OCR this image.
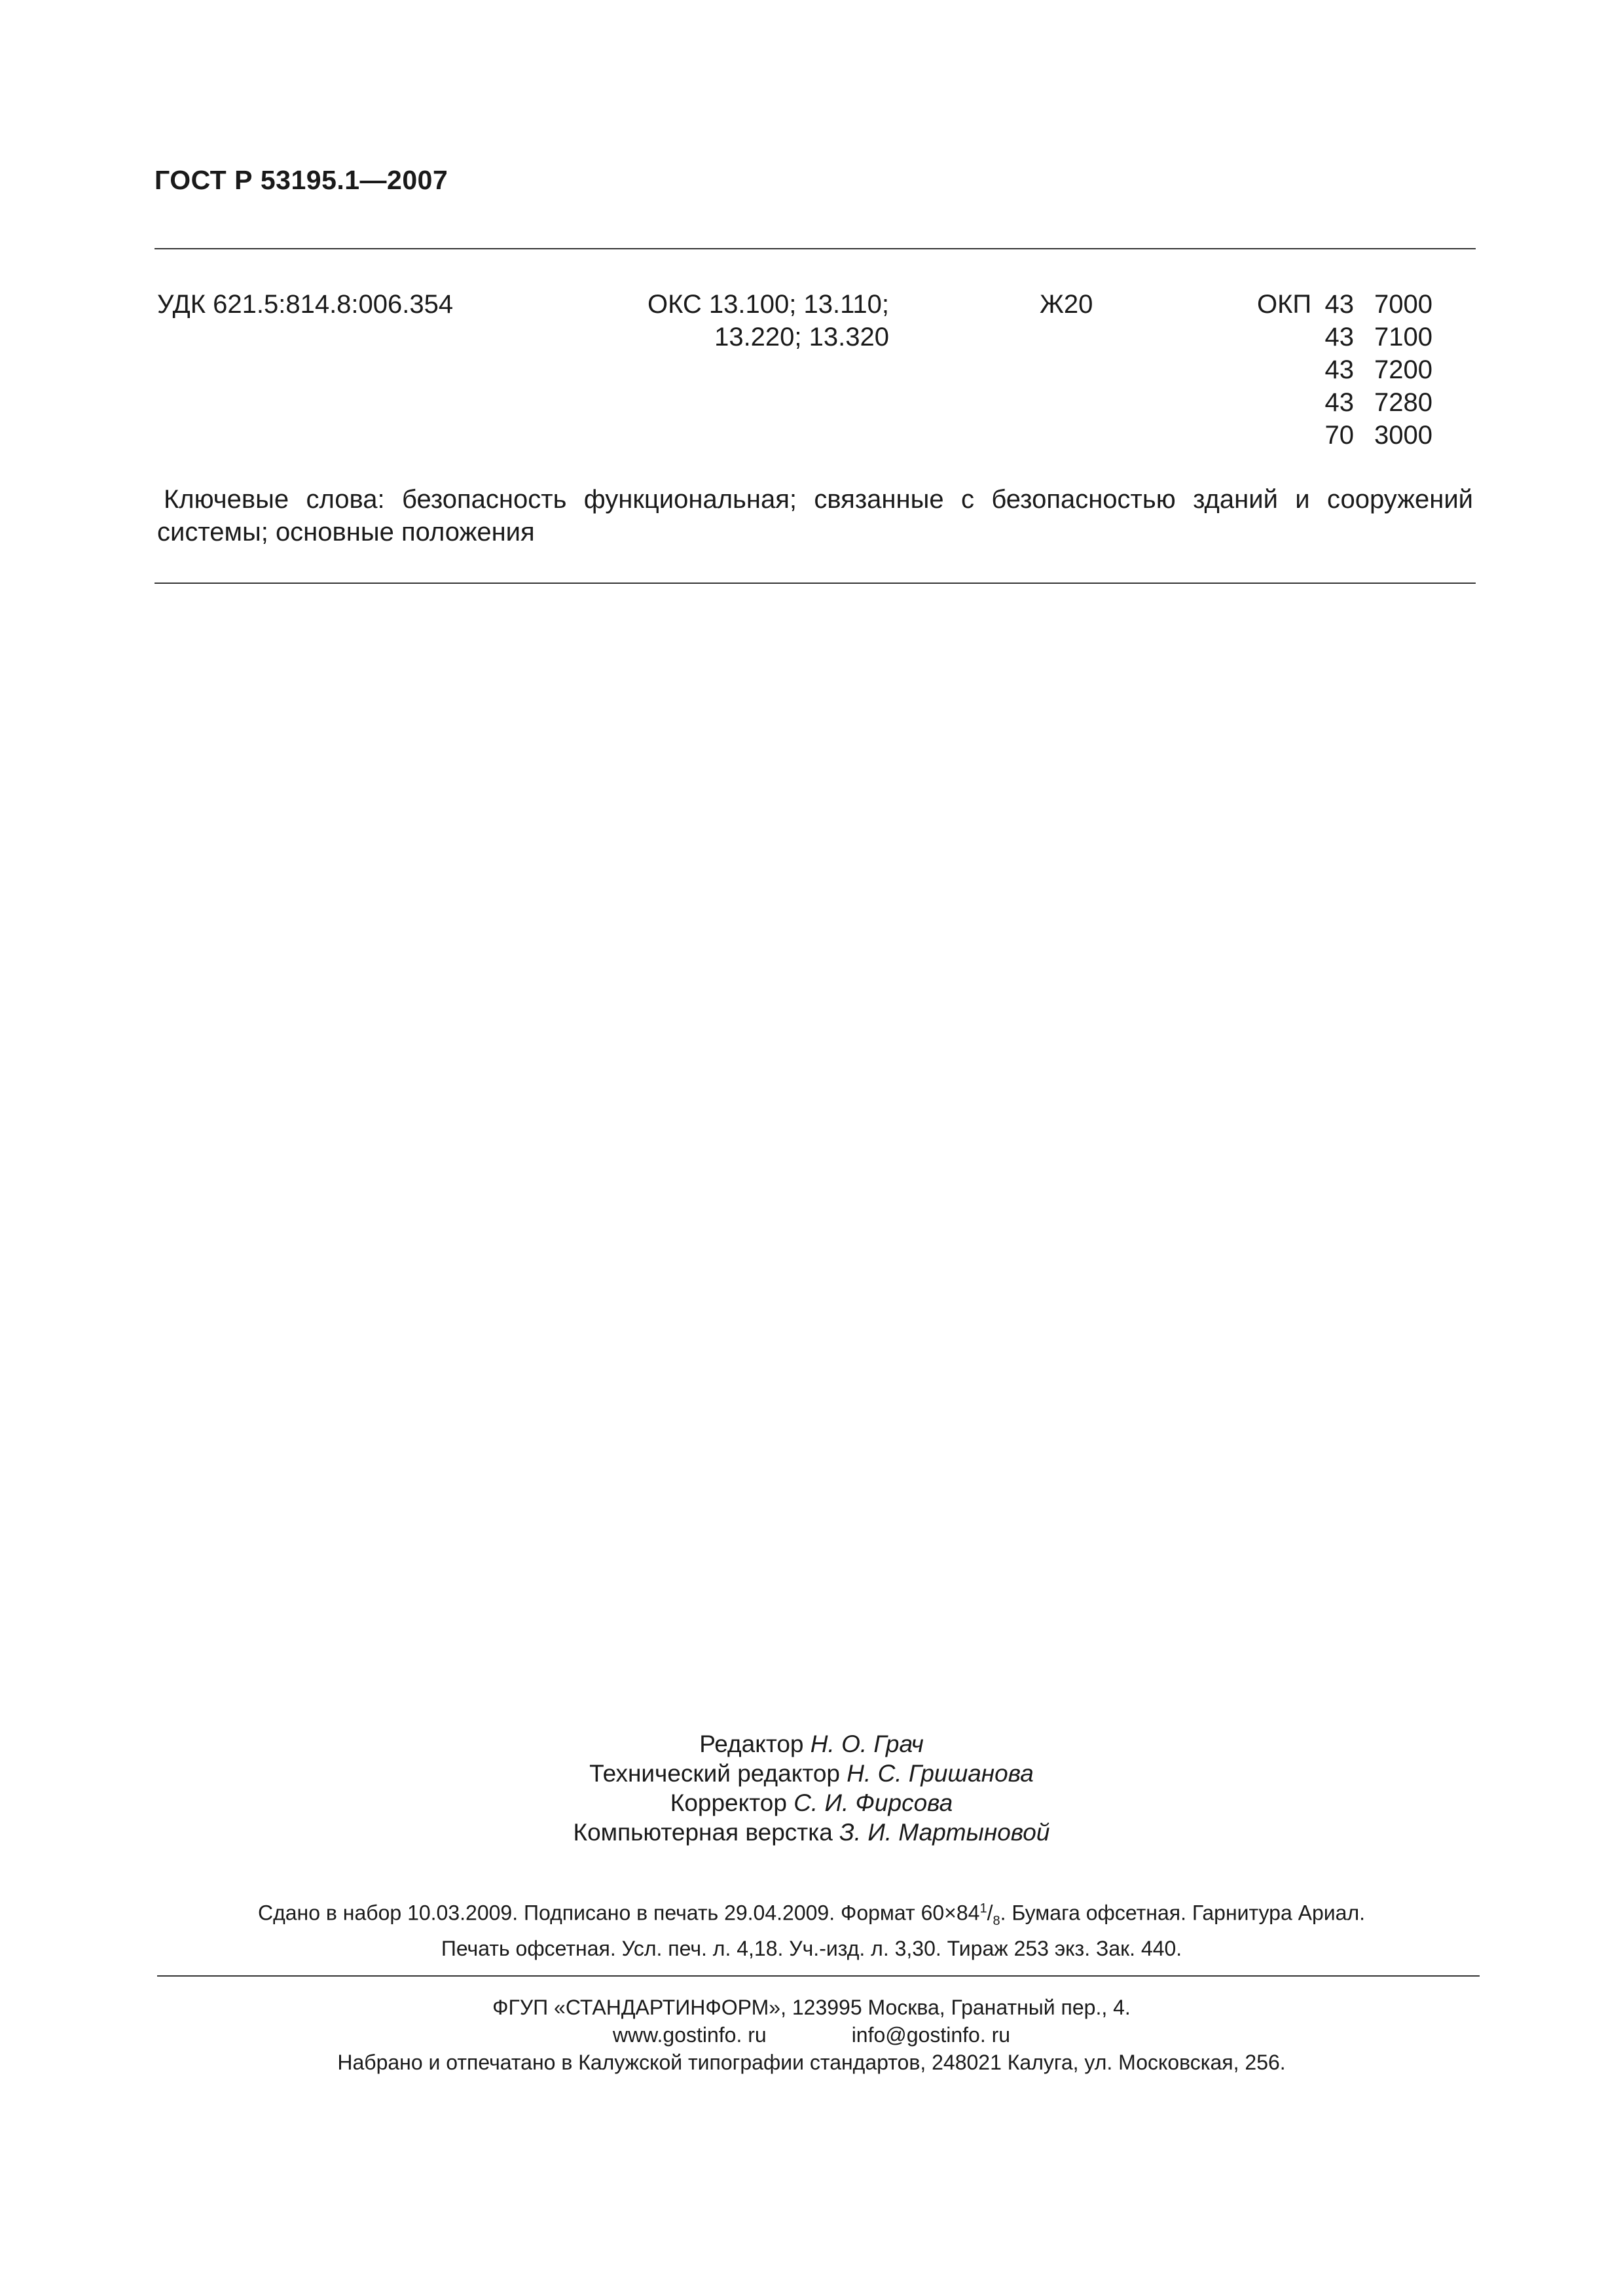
ГОСТ Р 53195.1—2007
УДК 621.5:814.8:006.354	ОКС 13.100; 13.110;
13.220; 13.320
Ж20	ОКП 43 7000
43 7100
43 7200
43 7280
70 3000
Ключевые слова: безопасность функциональная; связанные с безопасностью зданий и сооружений системы; основные положения
Редактор Н. О. Грач
Технический редактор Н. С. Гришанова
Корректор С. И. Фирсова
Компьютерная верстка З. И. Мартыновой
Сдано в набор 10.03.2009. Подписано в печать 29.04.2009. Формат $60\times 84^1/_8$. Бумага офсетная. Гарнитура Ариал.
Печать офсетная. Усл. печ. л. 4,18. Уч.-изд. л. 3,30. Тираж 253 экз. Зак. 440.
ФГУП «СТАНДАРТИНФОРМ», 123995 Москва, Гранатный пер., 4.
www.gostinfo. ru	info@gostinfo. ru
Набрано и отпечатано в Калужской типографии стандартов, 248021 Калуга, ул. Московская, 256.
